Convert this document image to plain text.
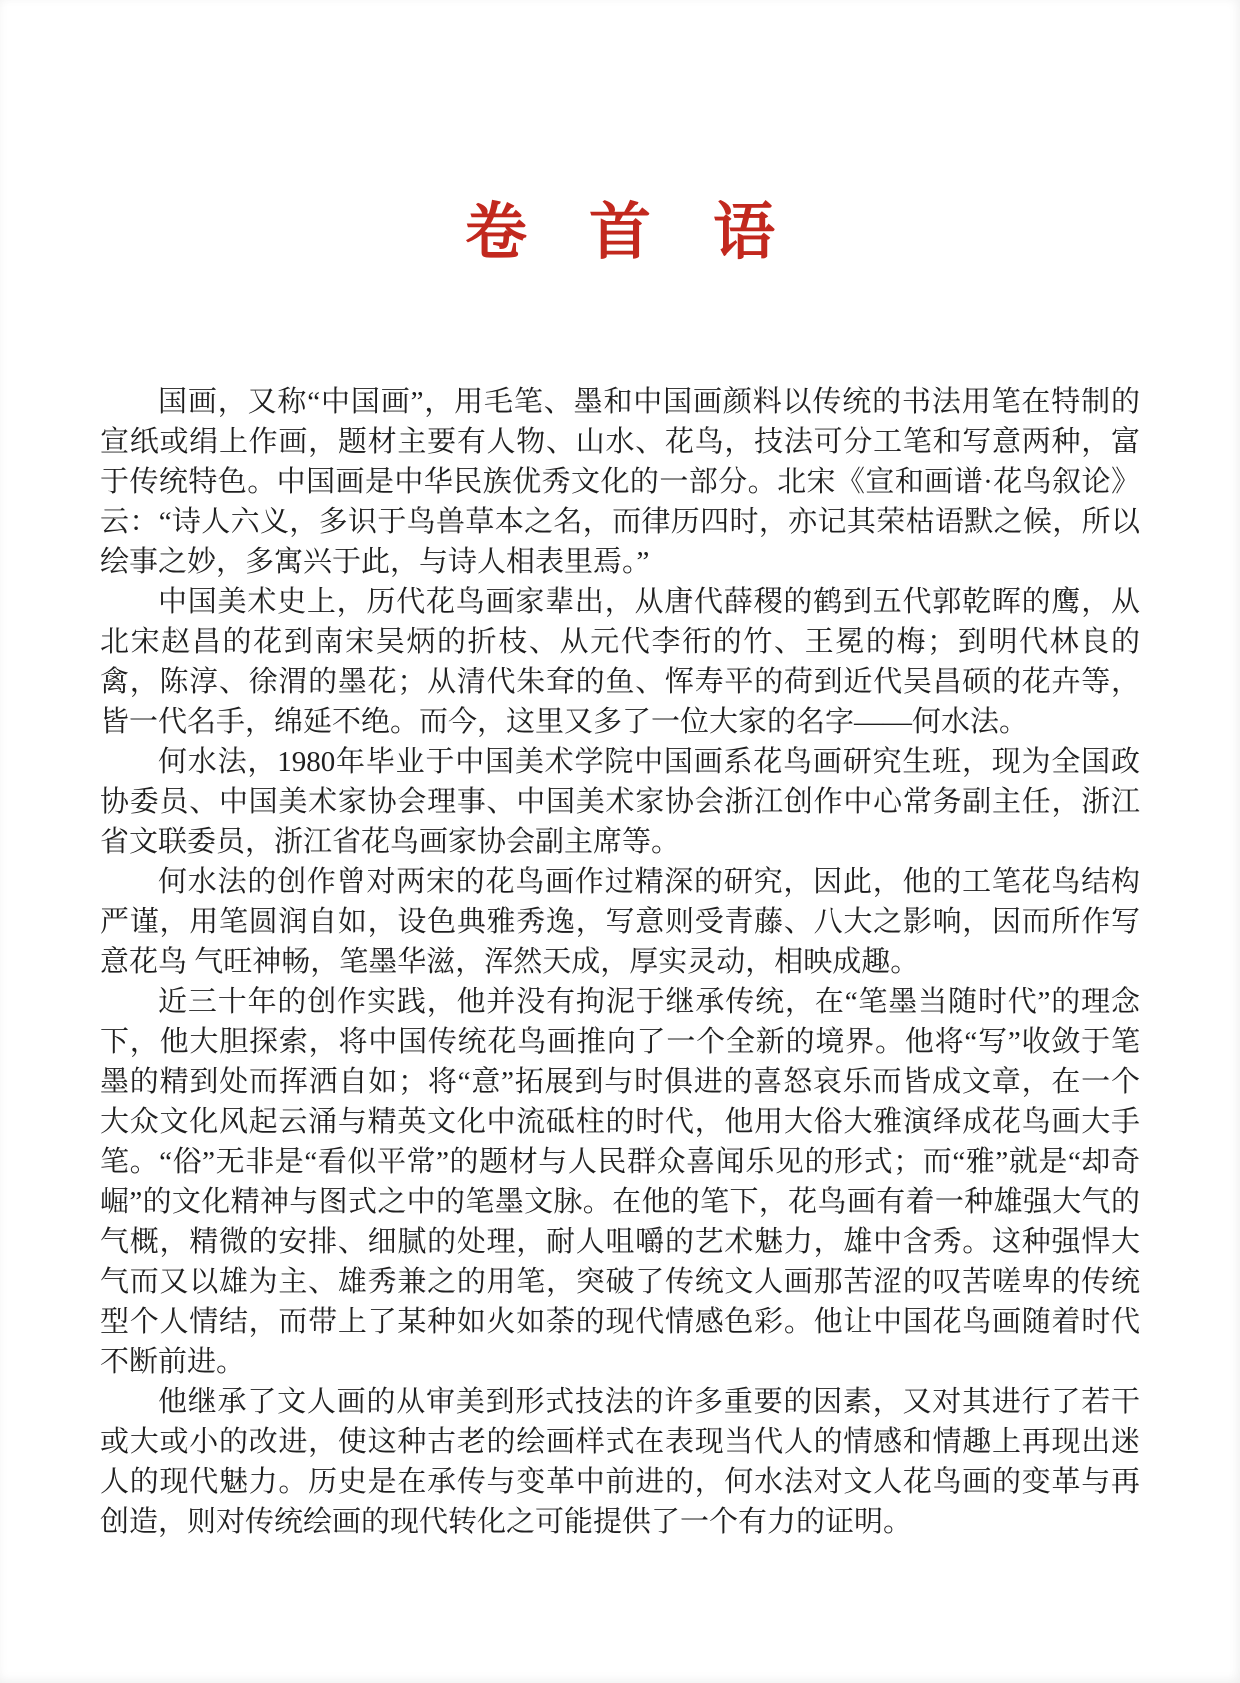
卷首语

国画，又称“中国画”，用毛笔、墨和中国画颜料以传统的书法用笔在特制的宣纸或绢上作画，题材主要有人物、山水、花鸟，技法可分工笔和写意两种，富于传统特色。中国画是中华民族优秀文化的一部分。北宋《宣和画谱·花鸟叙论》云：“诗人六义，多识于鸟兽草本之名，而律历四时，亦记其荣枯语默之候，所以绘事之妙，多寓兴于此，与诗人相表里焉。”

中国美术史上，历代花鸟画家辈出，从唐代薛稷的鹤到五代郭乾晖的鹰，从北宋赵昌的花到南宋吴炳的折枝、从元代李衎的竹、王冕的梅；到明代林良的禽，陈淳、徐渭的墨花；从清代朱耷的鱼、恽寿平的荷到近代吴昌硕的花卉等，皆一代名手，绵延不绝。而今，这里又多了一位大家的名字——何水法。

何水法，1980年毕业于中国美术学院中国画系花鸟画研究生班，现为全国政协委员、中国美术家协会理事、中国美术家协会浙江创作中心常务副主任，浙江省文联委员，浙江省花鸟画家协会副主席等。

何水法的创作曾对两宋的花鸟画作过精深的研究，因此，他的工笔花鸟结构严谨，用笔圆润自如，设色典雅秀逸，写意则受青藤、八大之影响，因而所作写意花鸟 气旺神畅，笔墨华滋，浑然天成，厚实灵动，相映成趣。

近三十年的创作实践，他并没有拘泥于继承传统，在“笔墨当随时代”的理念下，他大胆探索，将中国传统花鸟画推向了一个全新的境界。他将“写”收敛于笔墨的精到处而挥洒自如；将“意”拓展到与时俱进的喜怒哀乐而皆成文章，在一个大众文化风起云涌与精英文化中流砥柱的时代，他用大俗大雅演绎成花鸟画大手笔。“俗”无非是“看似平常”的题材与人民群众喜闻乐见的形式；而“雅”就是“却奇崛”的文化精神与图式之中的笔墨文脉。在他的笔下，花鸟画有着一种雄强大气的气概，精微的安排、细腻的处理，耐人咀嚼的艺术魅力，雄中含秀。这种强悍大气而又以雄为主、雄秀兼之的用笔，突破了传统文人画那苦涩的叹苦嗟卑的传统型个人情结，而带上了某种如火如荼的现代情感色彩。他让中国花鸟画随着时代不断前进。

他继承了文人画的从审美到形式技法的许多重要的因素，又对其进行了若干或大或小的改进，使这种古老的绘画样式在表现当代人的情感和情趣上再现出迷人的现代魅力。历史是在承传与变革中前进的，何水法对文人花鸟画的变革与再创造，则对传统绘画的现代转化之可能提供了一个有力的证明。
